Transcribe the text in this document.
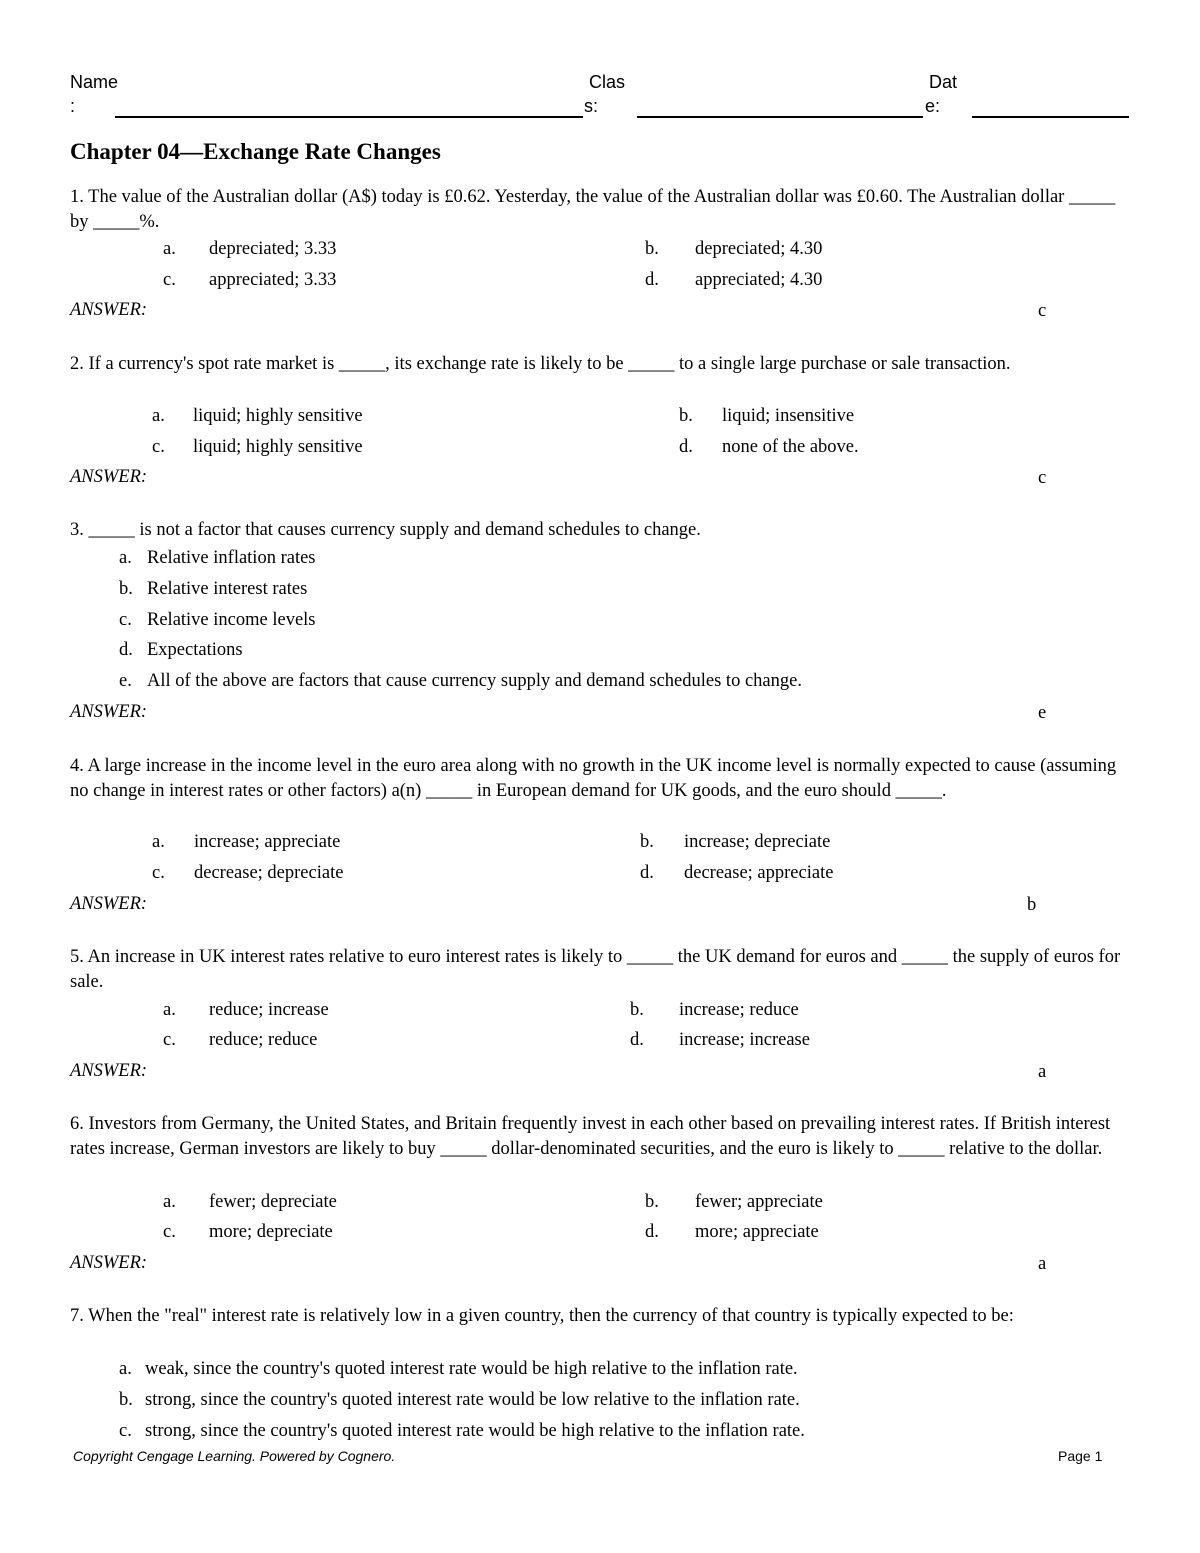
Name
:
Clas
s:
Dat
e:
Chapter 04—Exchange Rate Changes
1. The value of the Australian dollar (A$) today is £0.62. Yesterday, the value of the Australian dollar was £0.60. The Australian dollar _____ by _____%.
a. depreciated; 3.33	b. depreciated; 4.30
c. appreciated; 3.33	d. appreciated; 4.30
ANSWER:	c
2. If a currency's spot rate market is _____, its exchange rate is likely to be _____ to a single large purchase or sale transaction.
a. liquid; highly sensitive	b. liquid; insensitive
c. liquid; highly sensitive	d. none of the above.
ANSWER:	c
3. _____ is not a factor that causes currency supply and demand schedules to change.
a. Relative inflation rates
b. Relative interest rates
c. Relative income levels
d. Expectations
e. All of the above are factors that cause currency supply and demand schedules to change.
ANSWER:	e
4. A large increase in the income level in the euro area along with no growth in the UK income level is normally expected to cause (assuming no change in interest rates or other factors) a(n) _____ in European demand for UK goods, and the euro should _____.
a. increase; appreciate	b. increase; depreciate
c. decrease; depreciate	d. decrease; appreciate
ANSWER:	b
5. An increase in UK interest rates relative to euro interest rates is likely to _____ the UK demand for euros and _____ the supply of euros for sale.
a. reduce; increase	b. increase; reduce
c. reduce; reduce	d. increase; increase
ANSWER:	a
6. Investors from Germany, the United States, and Britain frequently invest in each other based on prevailing interest rates. If British interest rates increase, German investors are likely to buy _____ dollar-denominated securities, and the euro is likely to _____ relative to the dollar.
a. fewer; depreciate	b. fewer; appreciate
c. more; depreciate	d. more; appreciate
ANSWER:	a
7. When the "real" interest rate is relatively low in a given country, then the currency of that country is typically expected to be:
a. weak, since the country's quoted interest rate would be high relative to the inflation rate.
b. strong, since the country's quoted interest rate would be low relative to the inflation rate.
c. strong, since the country's quoted interest rate would be high relative to the inflation rate.
Copyright Cengage Learning. Powered by Cognero.	Page 1
